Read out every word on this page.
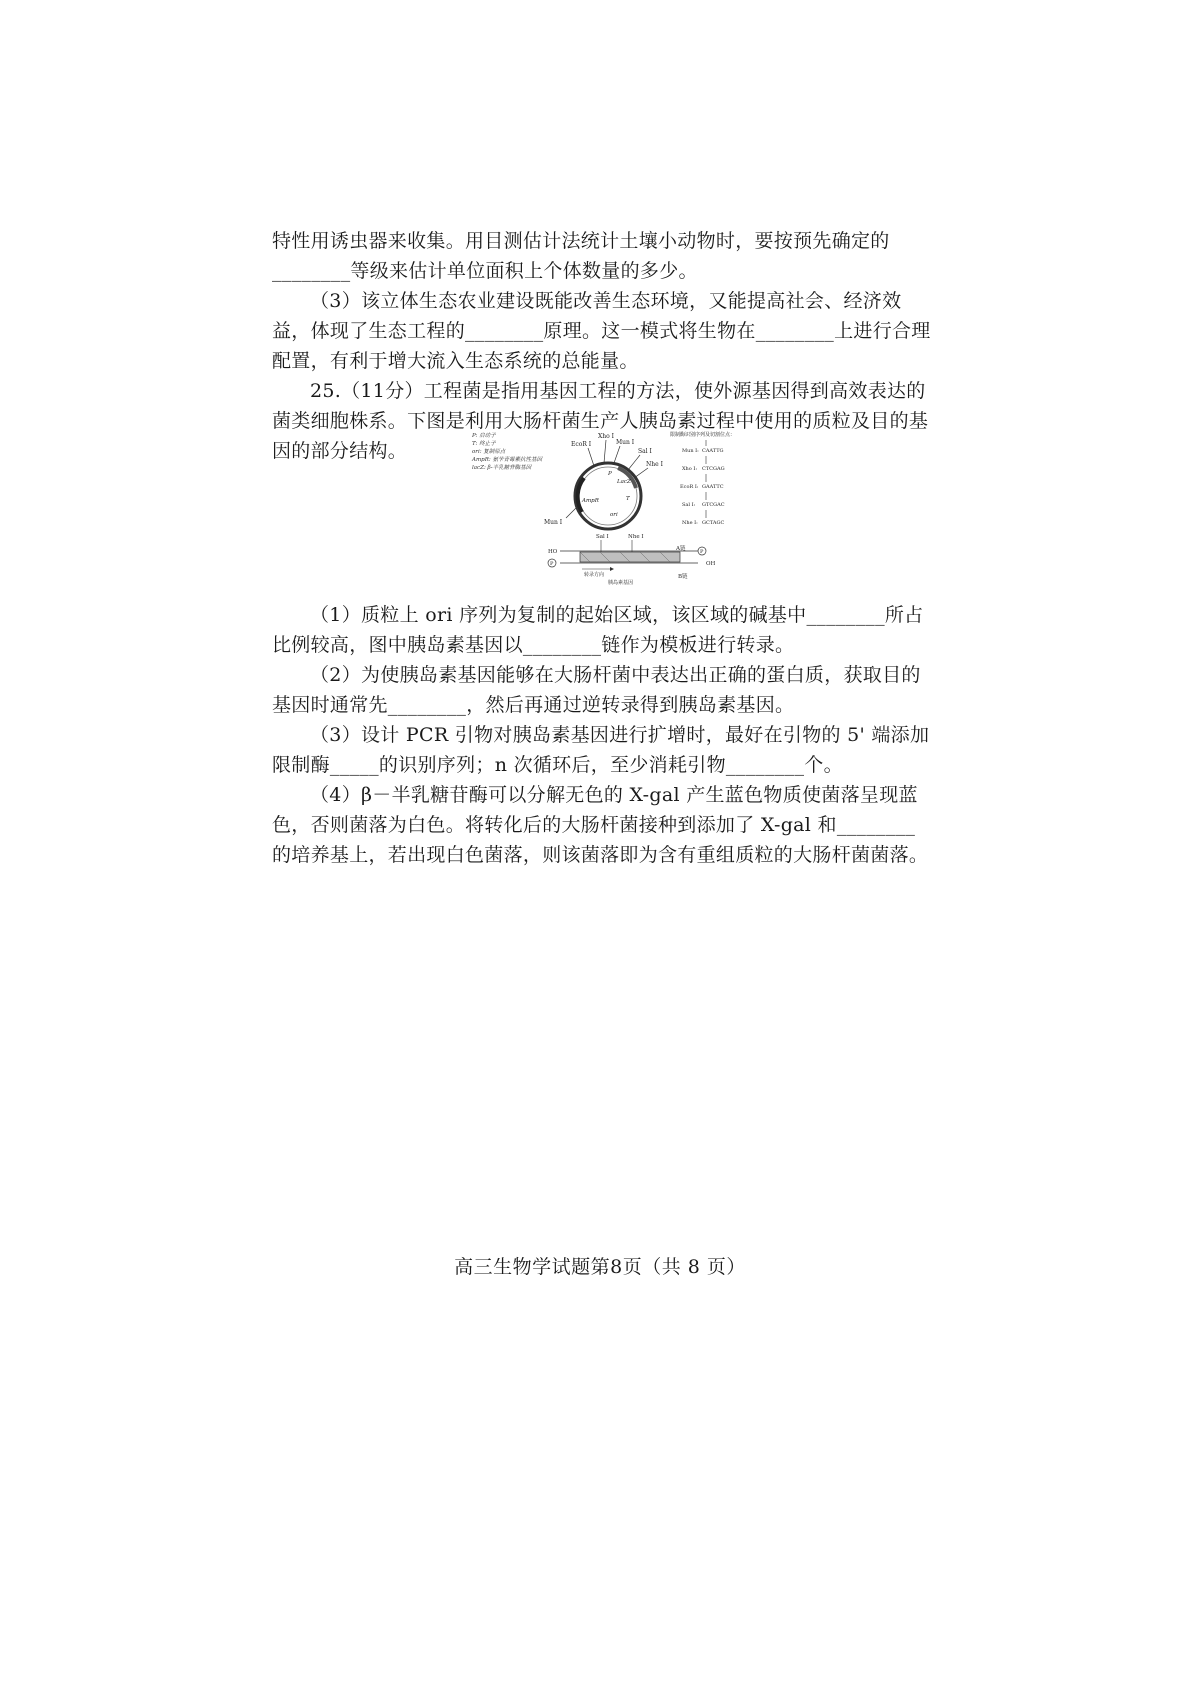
特性用诱虫器来收集。用目测估计法统计土壤小动物时，要按预先确定的________等级来估计单位面积上个体数量的多少。

（3）该立体生态农业建设既能改善生态环境，又能提高社会、经济效益，体现了生态工程的________原理。这一模式将生物在________上进行合理配置，有利于增大流入生态系统的总能量。

25.（11分）工程菌是指用基因工程的方法，使外源基因得到高效表达的菌类细胞株系。下图是利用大肠杆菌生产人胰岛素过程中使用的质粒及目的基因的部分结构。

P: 启动子
T: 终止子
ori: 复制原点
AmpR: 氨苄青霉素抗性基因
lacZ: β-半乳糖苷酶基因
EcoR I
Xho I
Mun I
Sal I
Nhe I
Mun I
P
LacZ
T
AmpR
ori
限制酶识别序列及切割位点：
Mun I: CAATTG
Xho I: CTCGAG
EcoR I: GAATTC
Sal I: GTCGAC
Nhe I: GCTAGC
Sal I	Nhe I
A链
B链
HO
OH
P
P
转录方向
胰岛素基因

（1）质粒上 ori 序列为复制的起始区域，该区域的碱基中________所占比例较高，图中胰岛素基因以________链作为模板进行转录。

（2）为使胰岛素基因能够在大肠杆菌中表达出正确的蛋白质，获取目的基因时通常先________，然后再通过逆转录得到胰岛素基因。

（3）设计 PCR 引物对胰岛素基因进行扩增时，最好在引物的 5' 端添加限制酶_____的识别序列；n 次循环后，至少消耗引物________个。

（4）β－半乳糖苷酶可以分解无色的 X-gal 产生蓝色物质使菌落呈现蓝色，否则菌落为白色。将转化后的大肠杆菌接种到添加了 X-gal 和________的培养基上，若出现白色菌落，则该菌落即为含有重组质粒的大肠杆菌菌落。

高三生物学试题第8页（共 8 页）
